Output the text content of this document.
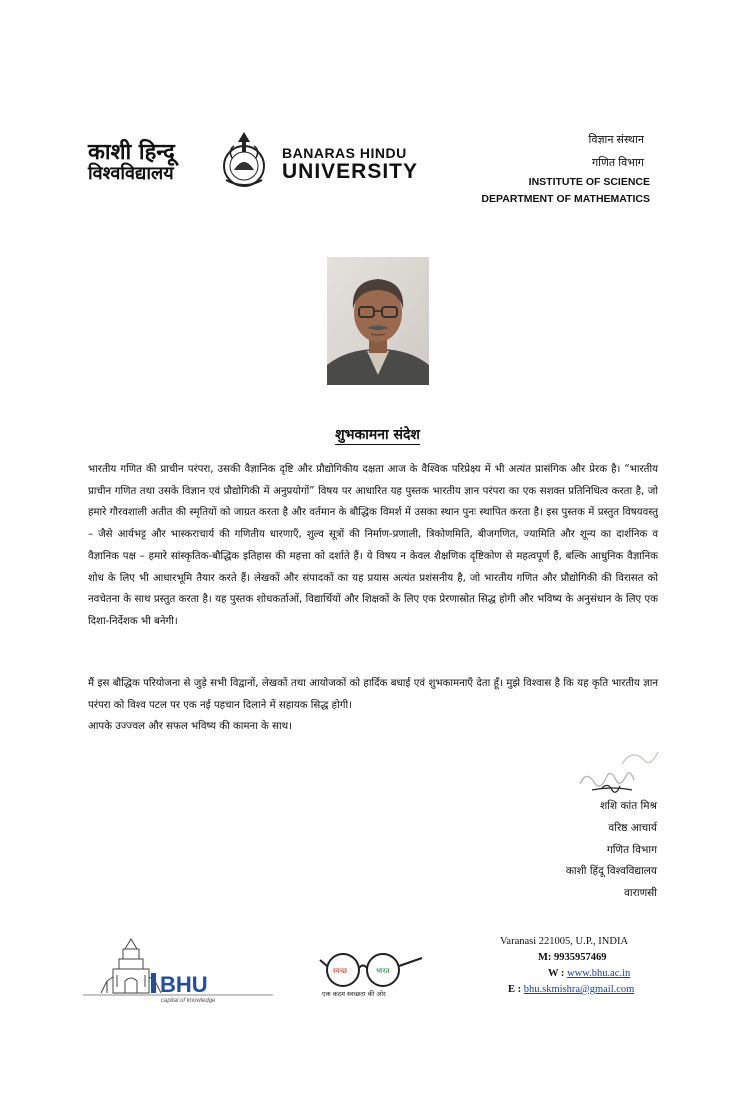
काशी हिन्दू
विश्वविद्यालय
BANARAS HINDU
UNIVERSITY
विज्ञान संस्थान
गणित विभाग
INSTITUTE OF SCIENCE
DEPARTMENT OF MATHEMATICS
शुभकामना संदेश
भारतीय गणित की प्राचीन परंपरा, उसकी वैज्ञानिक दृष्टि और प्रौद्योगिकीय दक्षता आज के वैश्विक परिप्रेक्ष्य में भी अत्यंत प्रासंगिक और प्रेरक है। “भारतीय प्राचीन गणित तथा उसके विज्ञान एवं प्रौद्योगिकी में अनुप्रयोगों” विषय पर आधारित यह पुस्तक भारतीय ज्ञान परंपरा का एक सशक्त प्रतिनिधित्व करता है, जो हमारे गौरवशाली अतीत की स्मृतियों को जाग्रत करता है और वर्तमान के बौद्धिक विमर्श में उसका स्थान पुनः स्थापित करता है। इस पुस्तक में प्रस्तुत विषयवस्तु – जैसे आर्यभट्ट और भास्कराचार्य की गणितीय धारणाएँ, शुल्व सूत्रों की निर्माण-प्रणाली, त्रिकोणमिति, बीजगणित, ज्यामिति और शून्य का दार्शनिक व वैज्ञानिक पक्ष – हमारे सांस्कृतिक-बौद्धिक इतिहास की महत्ता को दर्शाते हैं। ये विषय न केवल शैक्षणिक दृष्टिकोण से महत्वपूर्ण हैं, बल्कि आधुनिक वैज्ञानिक शोध के लिए भी आधारभूमि तैयार करते हैं। लेखकों और संपादकों का यह प्रयास अत्यंत प्रशंसनीय है, जो भारतीय गणित और प्रौद्योगिकी की विरासत को नवचेतना के साथ प्रस्तुत करता है। यह पुस्तक शोधकर्ताओं, विद्यार्थियों और शिक्षकों के लिए एक प्रेरणास्रोत सिद्ध होगी और भविष्य के अनुसंधान के लिए एक दिशा-निर्देशक भी बनेगी।

मैं इस बौद्धिक परियोजना से जुड़े सभी विद्वानों, लेखकों तथा आयोजकों को हार्दिक बधाई एवं शुभकामनाएँ देता हूँ। मुझे विश्वास है कि यह कृति भारतीय ज्ञान परंपरा को विश्व पटल पर एक नई पहचान दिलाने में सहायक सिद्ध होगी।

आपके उज्ज्वल और सफल भविष्य की कामना के साथ।

शशि कांत मिश्र
वरिष्ठ आचार्य
गणित विभाग
काशी हिंदू विश्वविद्यालय
वाराणसी
BHU
capital of knowledge
स्वच्छ	भारत
एक कदम स्वच्छता की ओर
Varanasi 221005, U.P., INDIA
M: 9935957469
W : www.bhu.ac.in
E : bhu.skmishra@gmail.com
